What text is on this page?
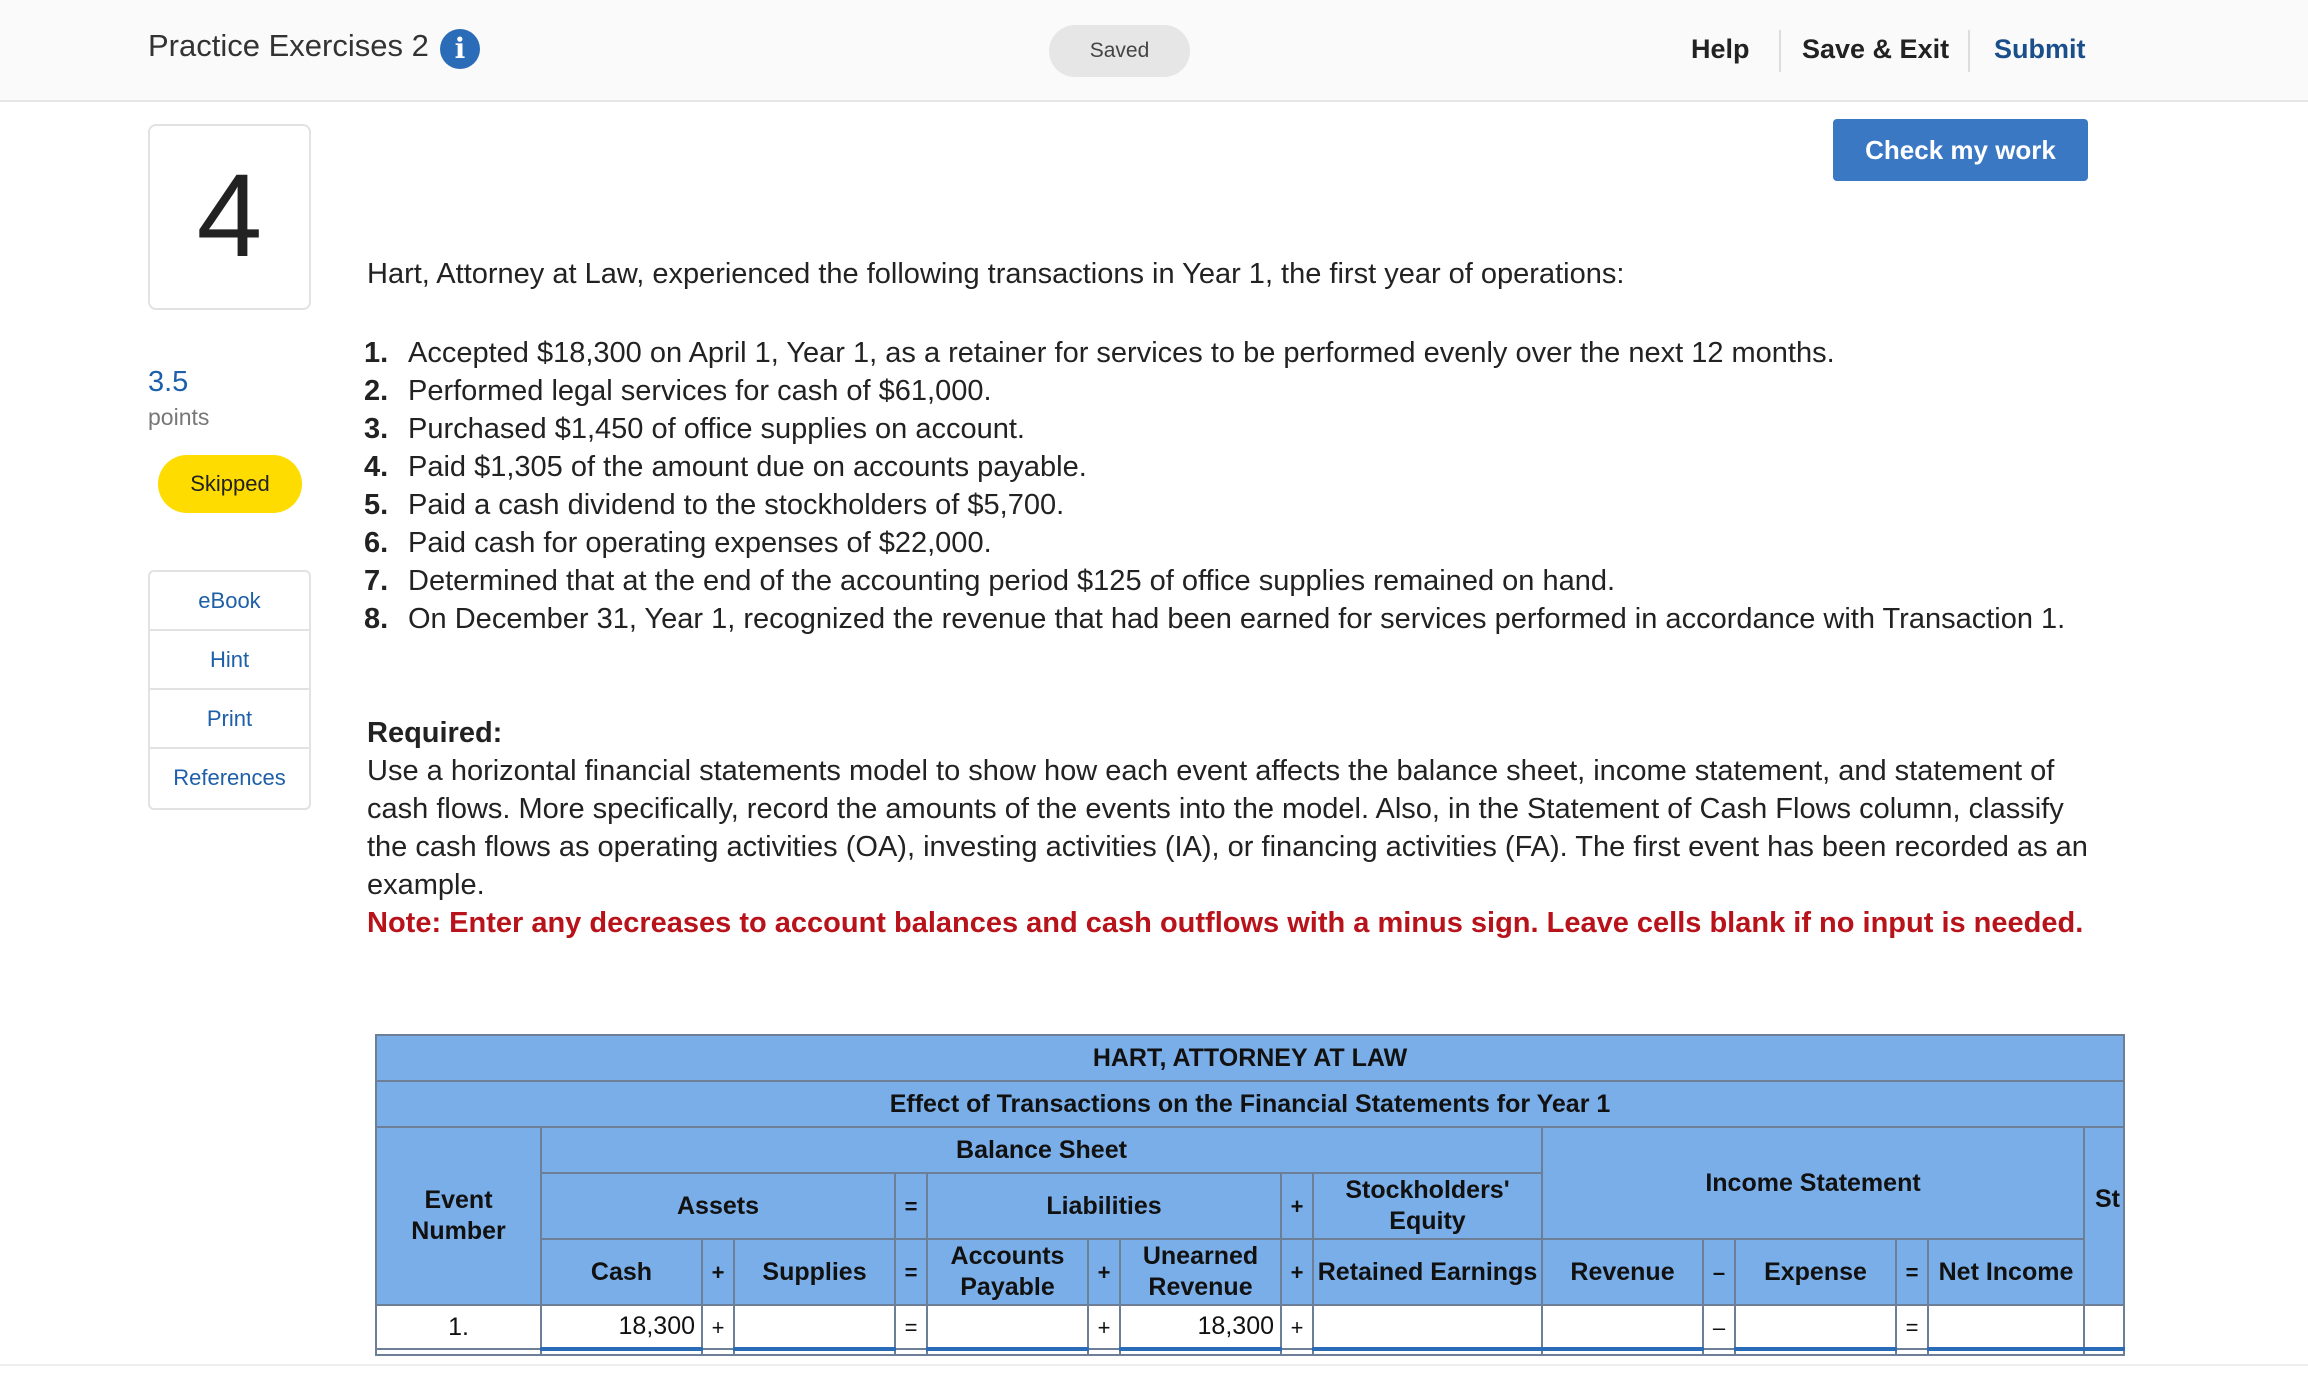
Practice Exercises 2 i	Saved	Help Save & Exit Submit
4
3.5
points
Skipped
eBook
Hint
Print
References
Check my work
Hart, Attorney at Law, experienced the following transactions in Year 1, the first year of operations:
1. Accepted $18,300 on April 1, Year 1, as a retainer for services to be performed evenly over the next 12 months.
2. Performed legal services for cash of $61,000.
3. Purchased $1,450 of office supplies on account.
4. Paid $1,305 of the amount due on accounts payable.
5. Paid a cash dividend to the stockholders of $5,700.
6. Paid cash for operating expenses of $22,000.
7. Determined that at the end of the accounting period $125 of office supplies remained on hand.
8. On December 31, Year 1, recognized the revenue that had been earned for services performed in accordance with Transaction 1.
Required:
Use a horizontal financial statements model to show how each event affects the balance sheet, income statement, and statement of cash flows. More specifically, record the amounts of the events into the model. Also, in the Statement of Cash Flows column, classify the cash flows as operating activities (OA), investing activities (IA), or financing activities (FA). The first event has been recorded as an example.
Note: Enter any decreases to account balances and cash outflows with a minus sign. Leave cells blank if no input is needed.
HART, ATTORNEY AT LAW															
Effect of Transactions on the Financial Statements for Year 1															
Event Number	Balance Sheet									Income Statement					St
	Assets			=	Liabilities			+	Stockholders' Equity						
	Cash	+	Supplies	=	Accounts Payable	+	Unearned Revenue	+	Retained Earnings	Revenue	–	Expense	=	Net Income	
1.	18,300	+		=		+	18,300	+			–		=		
